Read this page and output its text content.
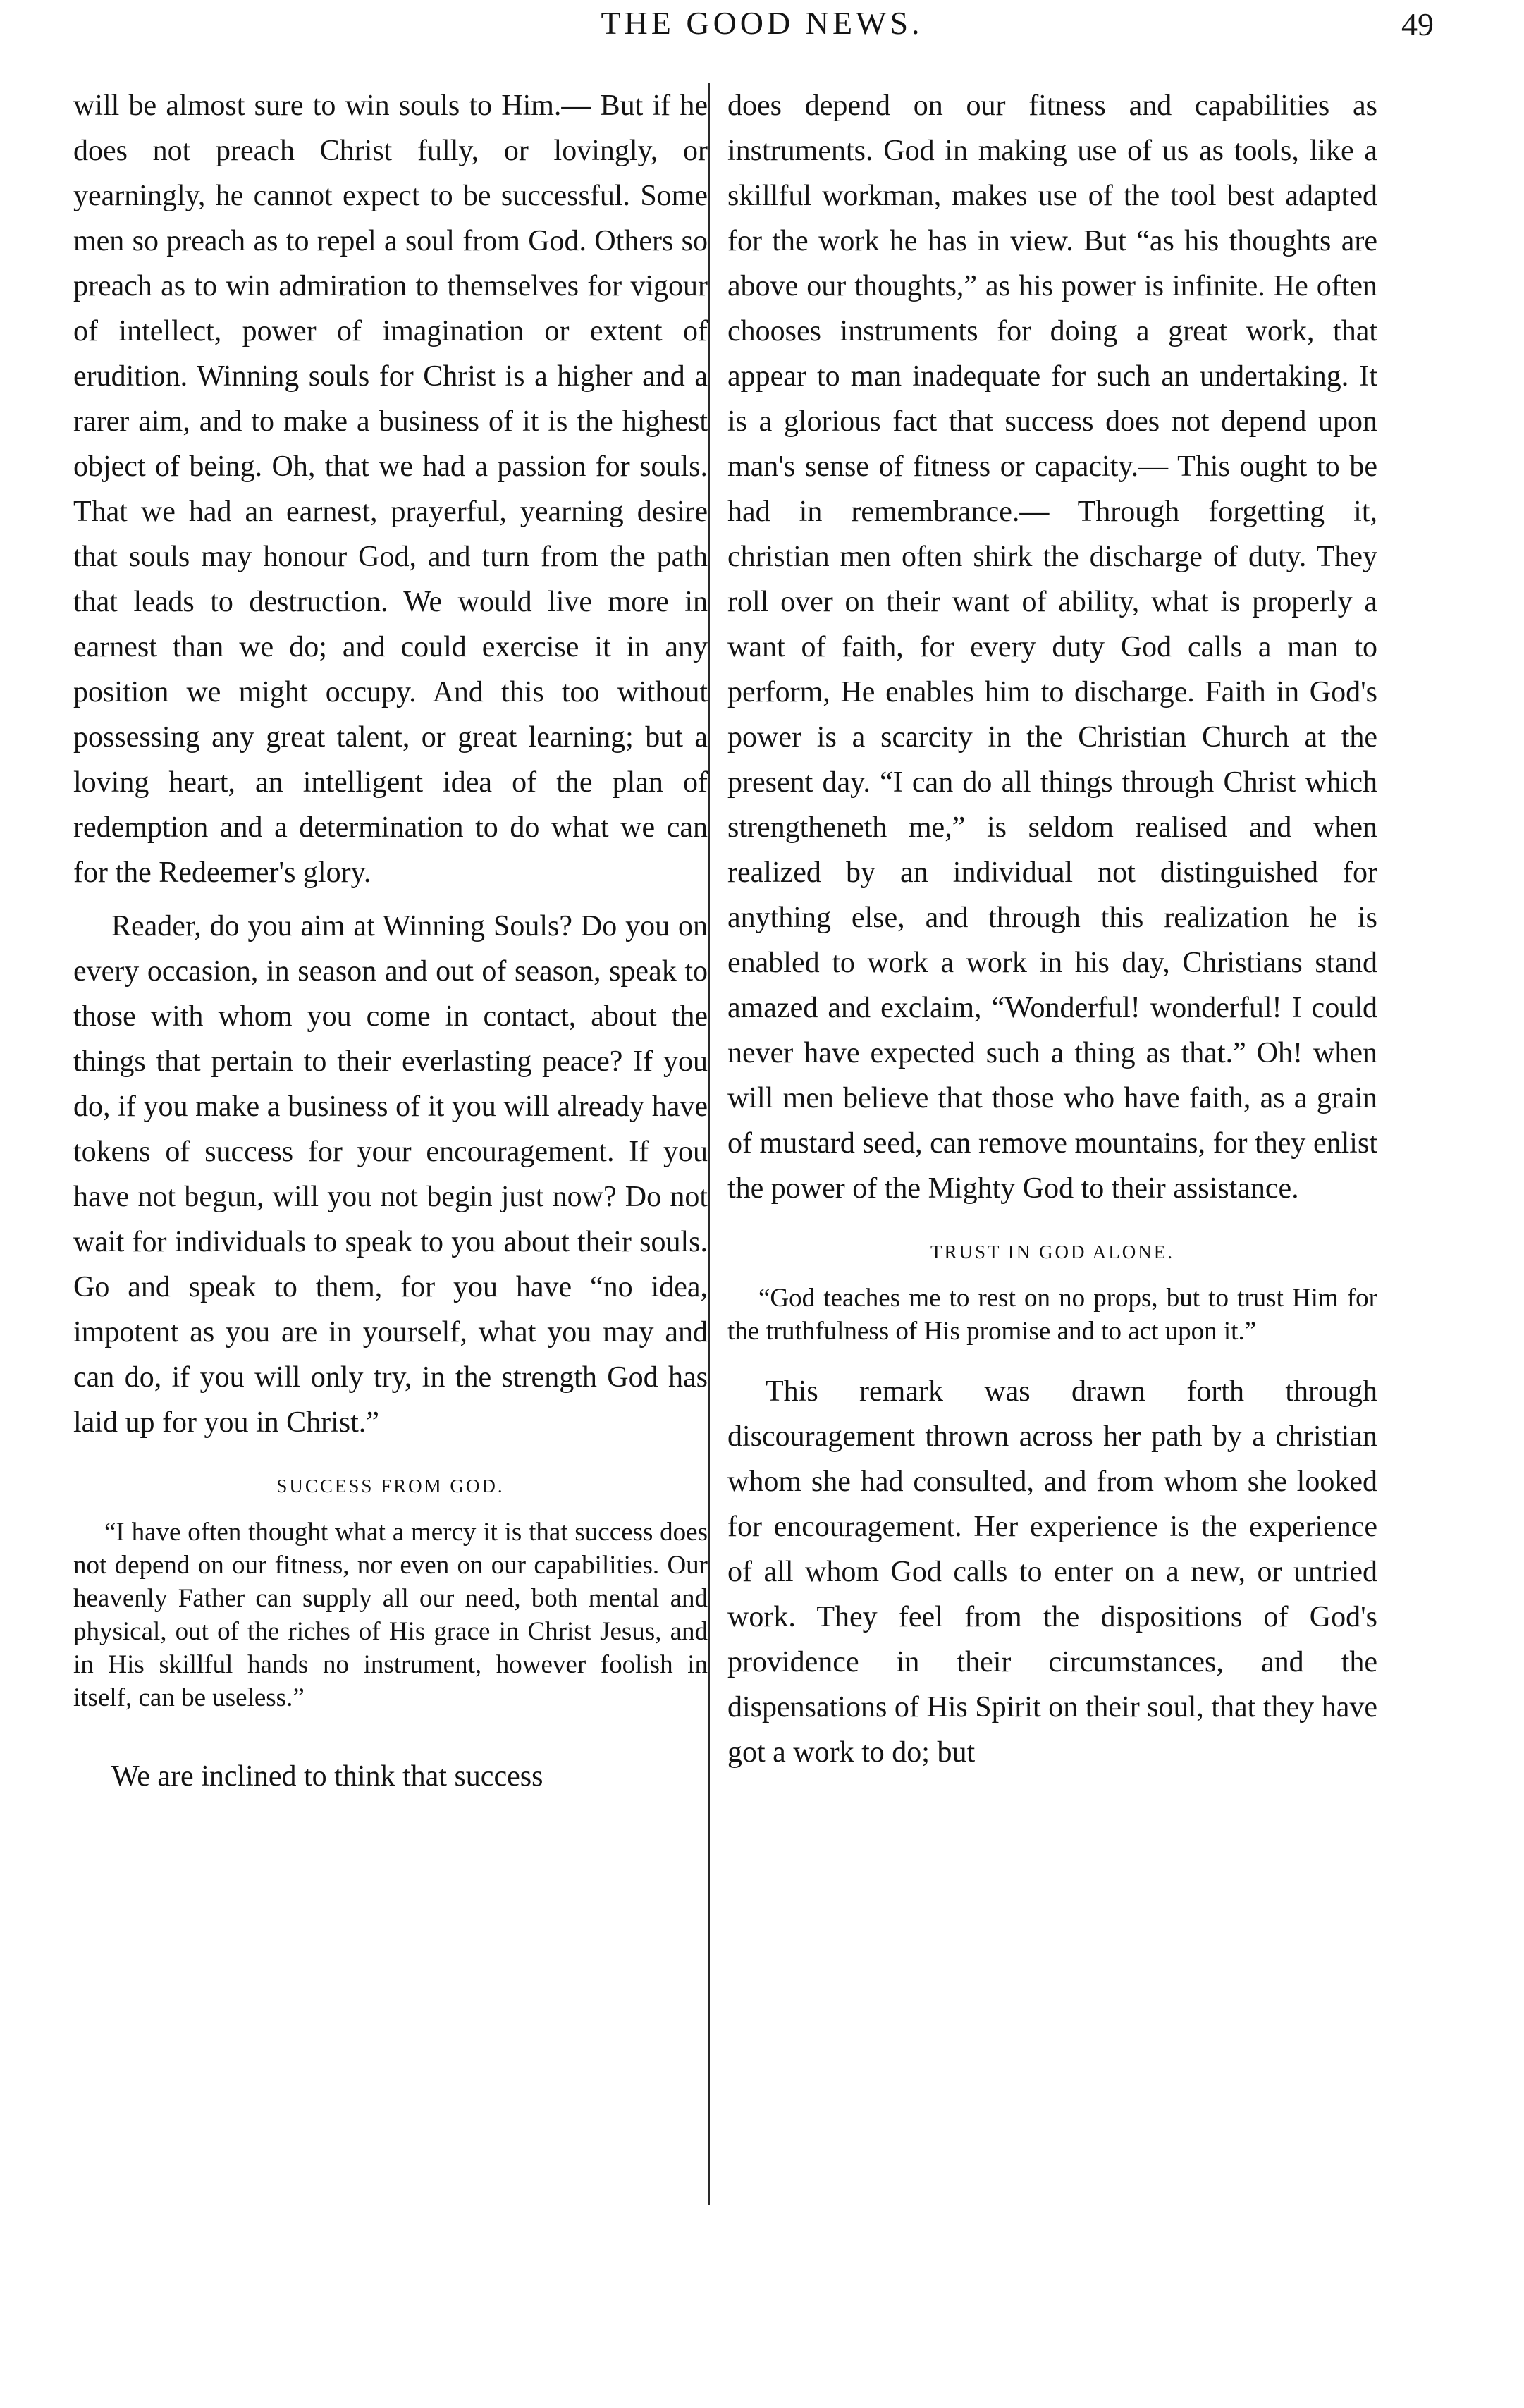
THE GOOD NEWS.	49

will be almost sure to win souls to Him.— But if he does not preach Christ fully, or lovingly, or yearningly, he cannot expect to be successful. Some men so preach as to repel a soul from God. Others so preach as to win admiration to themselves for vigour of intellect, power of imagination or extent of erudition. Winning souls for Christ is a higher and a rarer aim, and to make a business of it is the highest object of being. Oh, that we had a passion for souls. That we had an earnest, prayerful, yearning desire that souls may honour God, and turn from the path that leads to destruction. We would live more in earnest than we do; and could exercise it in any position we might occupy. And this too without possessing any great talent, or great learning; but a loving heart, an intelligent idea of the plan of redemption and a determination to do what we can for the Redeemer's glory.

Reader, do you aim at Winning Souls? Do you on every occasion, in season and out of season, speak to those with whom you come in contact, about the things that pertain to their everlasting peace? If you do, if you make a business of it you will already have tokens of success for your encouragement. If you have not begun, will you not begin just now? Do not wait for individuals to speak to you about their souls. Go and speak to them, for you have “no idea, impotent as you are in yourself, what you may and can do, if you will only try, in the strength God has laid up for you in Christ.”

SUCCESS FROM GOD.

“I have often thought what a mercy it is that success does not depend on our fitness, nor even on our capabilities. Our heavenly Father can supply all our need, both mental and physical, out of the riches of His grace in Christ Jesus, and in His skillful hands no instrument, however foolish in itself, can be useless.”

We are inclined to think that success

does depend on our fitness and capabilities as instruments. God in making use of us as tools, like a skillful workman, makes use of the tool best adapted for the work he has in view. But “as his thoughts are above our thoughts,” as his power is infinite. He often chooses instruments for doing a great work, that appear to man inadequate for such an undertaking. It is a glorious fact that success does not depend upon man's sense of fitness or capacity.— This ought to be had in remembrance.— Through forgetting it, christian men often shirk the discharge of duty. They roll over on their want of ability, what is properly a want of faith, for every duty God calls a man to perform, He enables him to discharge. Faith in God's power is a scarcity in the Christian Church at the present day. “I can do all things through Christ which strengtheneth me,” is seldom realised and when realized by an individual not distinguished for anything else, and through this realization he is enabled to work a work in his day, Christians stand amazed and exclaim, “Wonderful! wonderful! I could never have expected such a thing as that.” Oh! when will men believe that those who have faith, as a grain of mustard seed, can remove mountains, for they enlist the power of the Mighty God to their assistance.

TRUST IN GOD ALONE.

“God teaches me to rest on no props, but to trust Him for the truthfulness of His promise and to act upon it.”

This remark was drawn forth through discouragement thrown across her path by a christian whom she had consulted, and from whom she looked for encouragement. Her experience is the experience of all whom God calls to enter on a new, or untried work. They feel from the dispositions of God's providence in their circumstances, and the dispensations of His Spirit on their soul, that they have got a work to do; but
